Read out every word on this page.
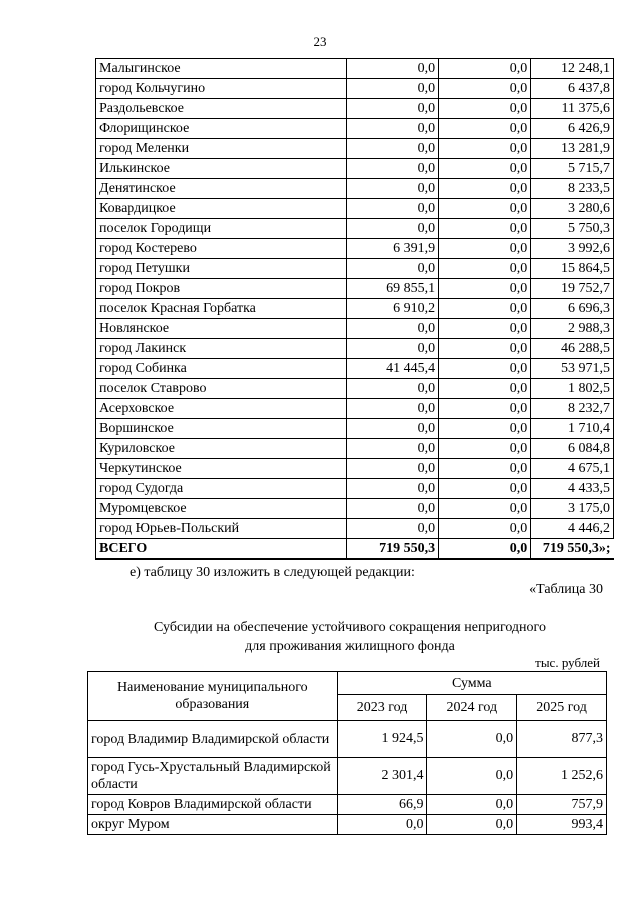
23
Малыгинское	0,0	0,0	12 248,1
город Кольчугино	0,0	0,0	6 437,8
Раздольевское	0,0	0,0	11 375,6
Флорищинское	0,0	0,0	6 426,9
город Меленки	0,0	0,0	13 281,9
Илькинское	0,0	0,0	5 715,7
Денятинское	0,0	0,0	8 233,5
Ковардицкое	0,0	0,0	3 280,6
поселок Городищи	0,0	0,0	5 750,3
город Костерево	6 391,9	0,0	3 992,6
город Петушки	0,0	0,0	15 864,5
город Покров	69 855,1	0,0	19 752,7
поселок Красная Горбатка	6 910,2	0,0	6 696,3
Новлянское	0,0	0,0	2 988,3
город Лакинск	0,0	0,0	46 288,5
город Собинка	41 445,4	0,0	53 971,5
поселок Ставрово	0,0	0,0	1 802,5
Асерховское	0,0	0,0	8 232,7
Воршинское	0,0	0,0	1 710,4
Куриловское	0,0	0,0	6 084,8
Черкутинское	0,0	0,0	4 675,1
город Судогда	0,0	0,0	4 433,5
Муромцевское	0,0	0,0	3 175,0
город Юрьев-Польский	0,0	0,0	4 446,2
ВСЕГО	719 550,3	0,0	719 550,3»;
е) таблицу 30 изложить в следующей редакции:
«Таблица 30
Субсидии на обеспечение устойчивого сокращения непригодного
для проживания жилищного фонда
тыс. рублей
Наименование муниципального образования	Сумма		
	2023 год	2024 год	2025 год
город Владимир Владимирской области	1 924,5	0,0	877,3
город Гусь-Хрустальный Владимирской области	2 301,4	0,0	1 252,6
город Ковров Владимирской области	66,9	0,0	757,9
округ Муром	0,0	0,0	993,4
